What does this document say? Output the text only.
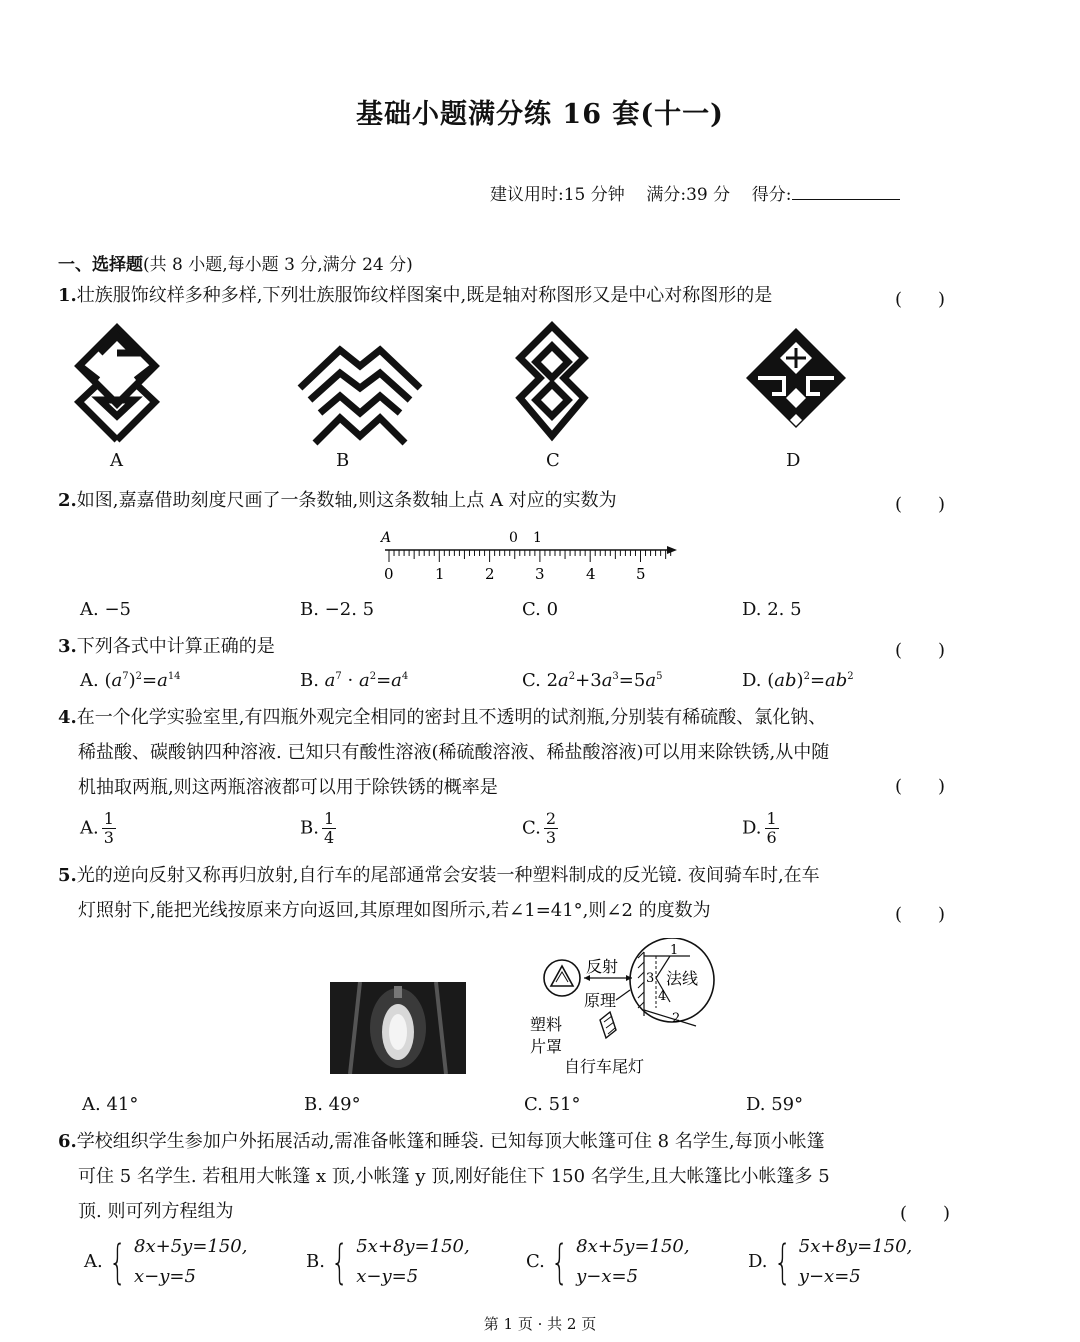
基础小题满分练 16 套(十一)
建议用时:15 分钟 满分:39 分 得分:
一、选择题(共 8 小题,每小题 3 分,满分 24 分)
1.壮族服饰纹样多种多样,下列壮族服饰纹样图案中,既是轴对称图形又是中心对称图形的是	(　　)
A	B	C	D
2.如图,嘉嘉借助刻度尺画了一条数轴,则这条数轴上点 A 对应的实数为	(　　)
A	0 1
0	1	2	3	4	5
A. −5	B. −2. 5	C. 0	D. 2. 5
3.下列各式中计算正确的是	(　　)
A. $(a^7)^2=a^{14}$	B. $a^7 \cdot a^2=a^4$	C. $2a^2+3a^3=5a^5$	D. $(ab)^2=ab^2$
4.在一个化学实验室里,有四瓶外观完全相同的密封且不透明的试剂瓶,分别装有稀硫酸、氯化钠、
稀盐酸、碳酸钠四种溶液. 已知只有酸性溶液(稀硫酸溶液、稀盐酸溶液)可以用来除铁锈,从中随
机抽取两瓶,则这两瓶溶液都可以用于除铁锈的概率是	(　　)
A. $\frac{1}{3}$	B. $\frac{1}{4}$	C. $\frac{2}{3}$	D. $\frac{1}{6}$
5.光的逆向反射又称再归放射,自行车的尾部通常会安装一种塑料制成的反光镜. 夜间骑车时,在车
灯照射下,能把光线按原来方向返回,其原理如图所示,若∠1=41°,则∠2 的度数为	(　　)
1
3
4
2
反射
原理
法线
塑料
片罩
自行车尾灯
A. 41°	B. 49°	C. 51°	D. 59°
6.学校组织学生参加户外拓展活动,需准备帐篷和睡袋. 已知每顶大帐篷可住 8 名学生,每顶小帐篷
可住 5 名学生. 若租用大帐篷 x 顶,小帐篷 y 顶,刚好能住下 150 名学生,且大帐篷比小帐篷多 5
顶. 则可列方程组为	(　　)
A. { 8x+5y=150,
x−y=5
B. { 5x+8y=150,
x−y=5
C. { 8x+5y=150,
y−x=5
D. { 5x+8y=150,
y−x=5
第 1 页 · 共 2 页
